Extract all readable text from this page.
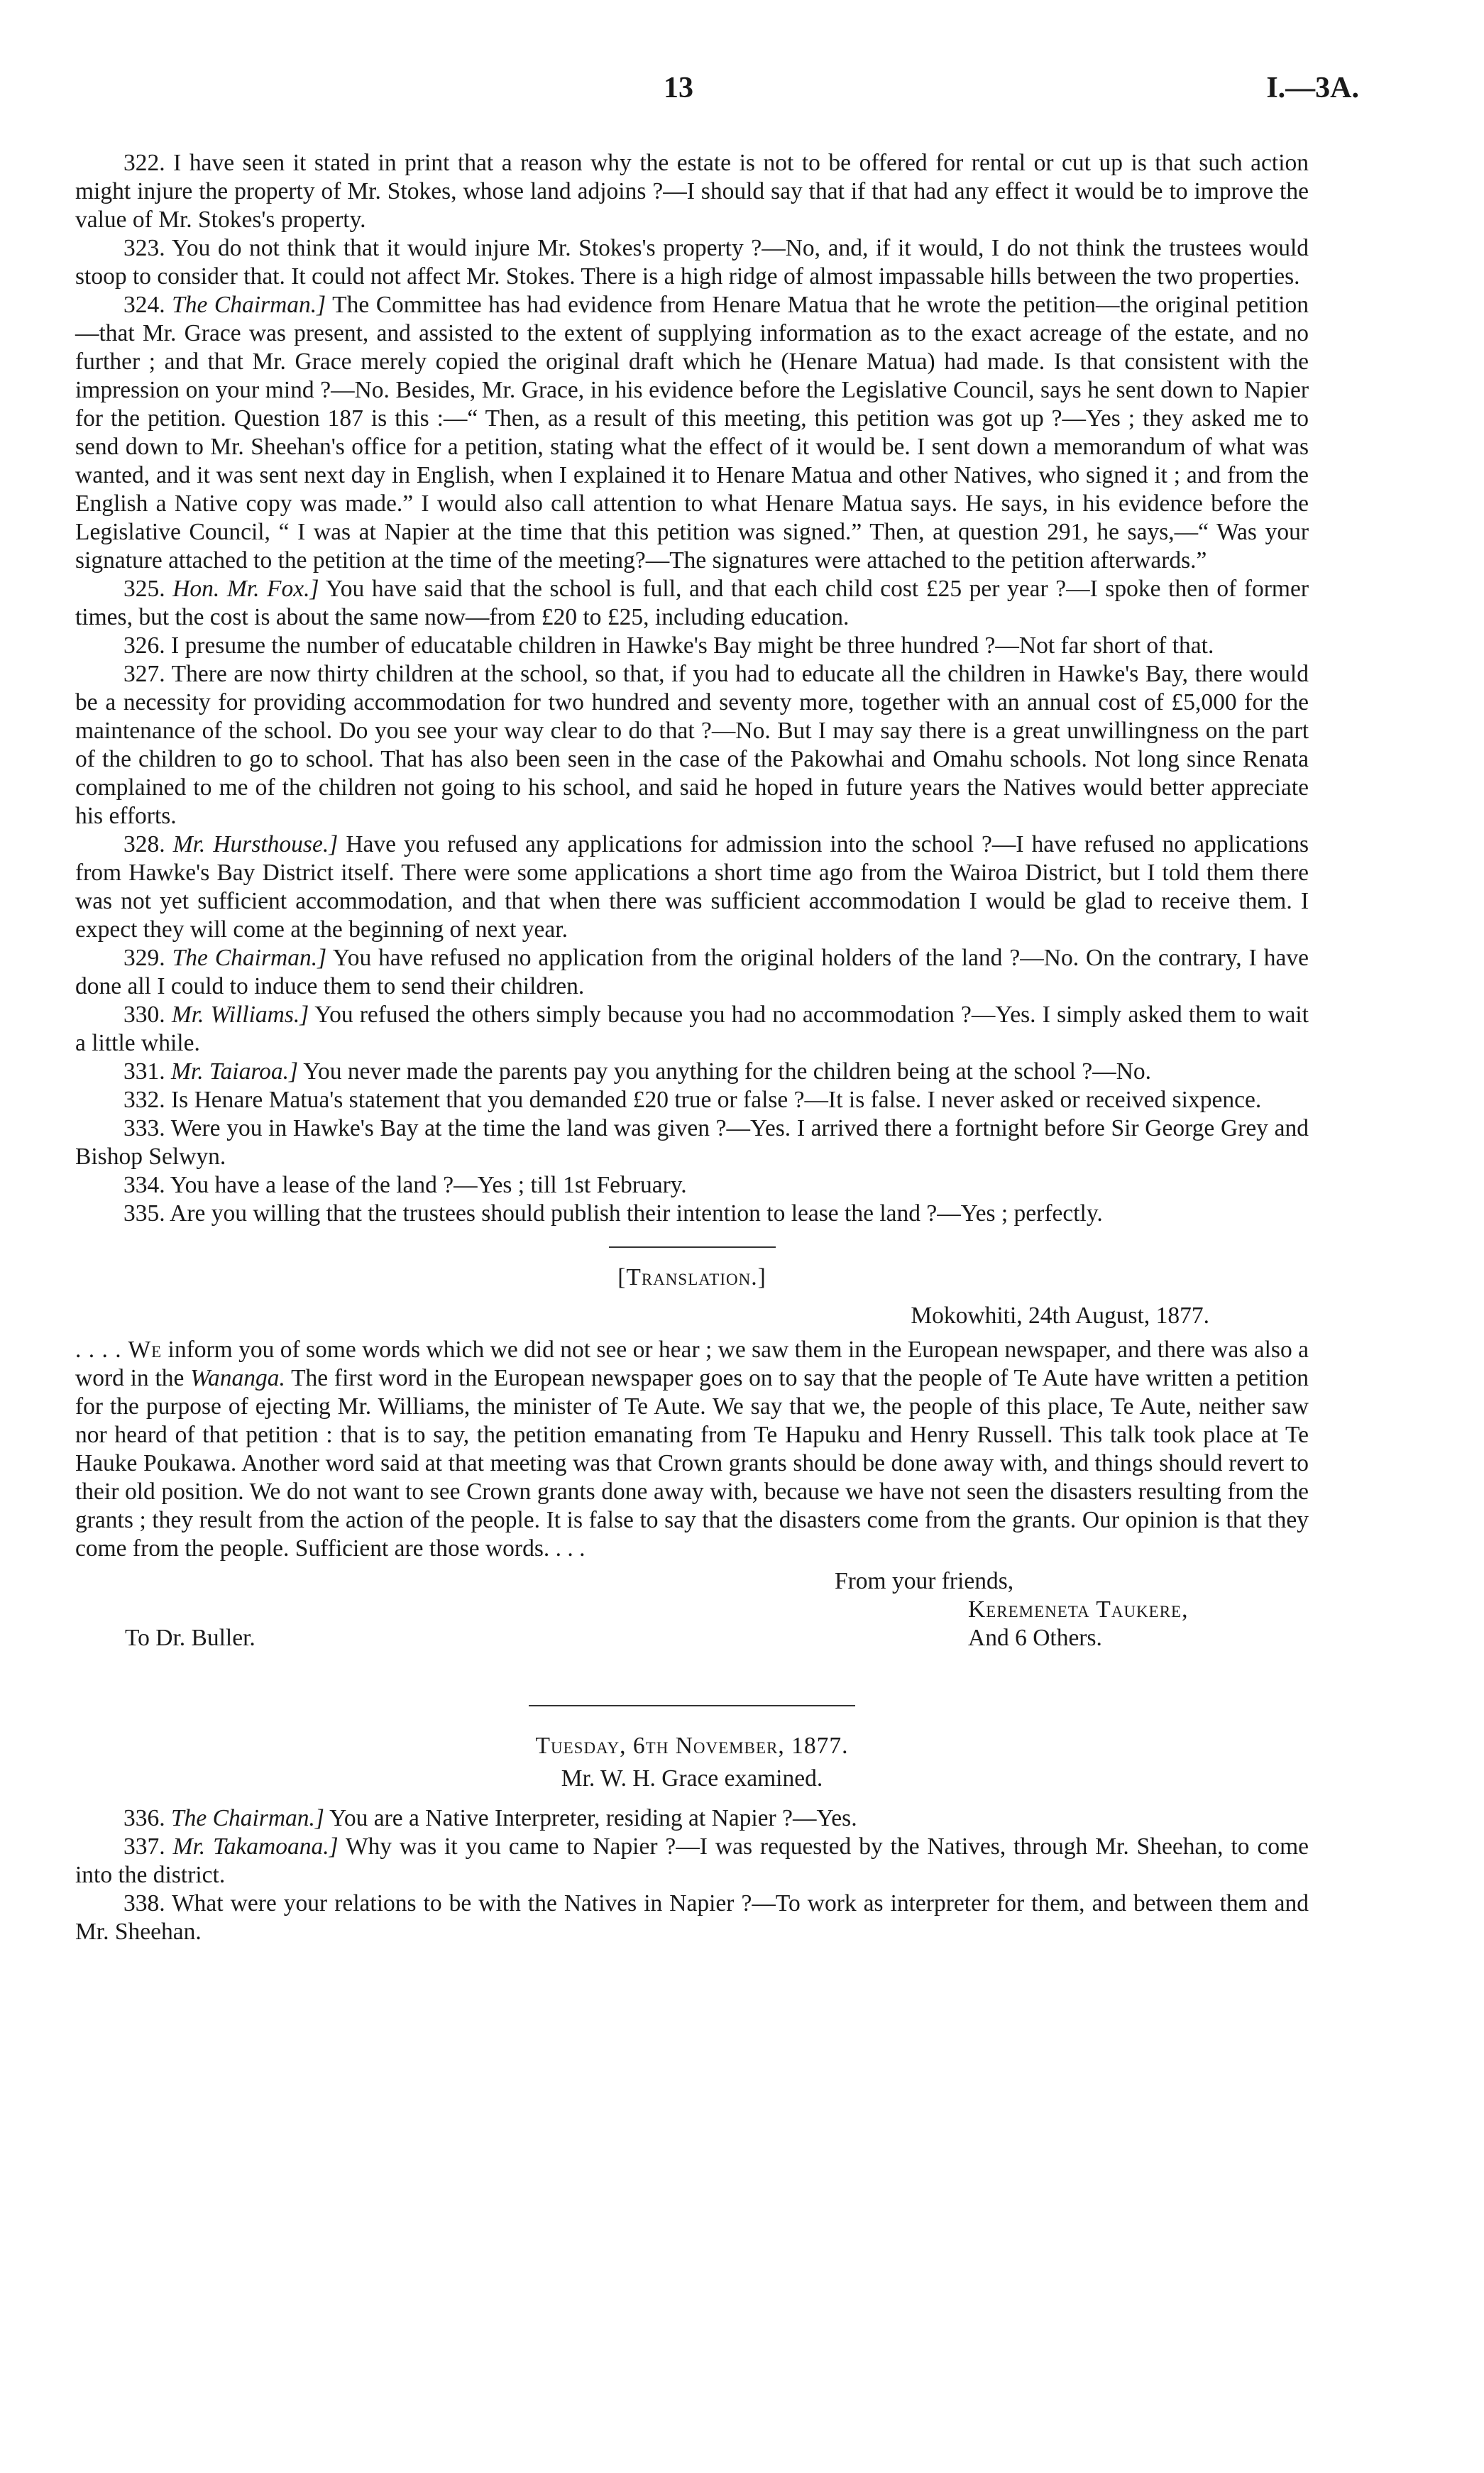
13	I.—3A.

322. I have seen it stated in print that a reason why the estate is not to be offered for rental or cut up is that such action might injure the property of Mr. Stokes, whose land adjoins ?—I should say that if that had any effect it would be to improve the value of Mr. Stokes's property.

323. You do not think that it would injure Mr. Stokes's property ?—No, and, if it would, I do not think the trustees would stoop to consider that. It could not affect Mr. Stokes. There is a high ridge of almost impassable hills between the two properties.

324. The Chairman.] The Committee has had evidence from Henare Matua that he wrote the petition—the original petition—that Mr. Grace was present, and assisted to the extent of supplying information as to the exact acreage of the estate, and no further ; and that Mr. Grace merely copied the original draft which he (Henare Matua) had made. Is that consistent with the impression on your mind ?—No. Besides, Mr. Grace, in his evidence before the Legislative Council, says he sent down to Napier for the petition. Question 187 is this :—“ Then, as a result of this meeting, this petition was got up ?—Yes ; they asked me to send down to Mr. Sheehan's office for a petition, stating what the effect of it would be. I sent down a memorandum of what was wanted, and it was sent next day in English, when I explained it to Henare Matua and other Natives, who signed it ; and from the English a Native copy was made.” I would also call attention to what Henare Matua says. He says, in his evidence before the Legislative Council, “ I was at Napier at the time that this petition was signed.” Then, at question 291, he says,—“ Was your signature attached to the petition at the time of the meeting?—The signatures were attached to the petition afterwards.”

325. Hon. Mr. Fox.] You have said that the school is full, and that each child cost £25 per year ?—I spoke then of former times, but the cost is about the same now—from £20 to £25, including education.

326. I presume the number of educatable children in Hawke's Bay might be three hundred ?—Not far short of that.

327. There are now thirty children at the school, so that, if you had to educate all the children in Hawke's Bay, there would be a necessity for providing accommodation for two hundred and seventy more, together with an annual cost of £5,000 for the maintenance of the school. Do you see your way clear to do that ?—No. But I may say there is a great unwillingness on the part of the children to go to school. That has also been seen in the case of the Pakowhai and Omahu schools. Not long since Renata complained to me of the children not going to his school, and said he hoped in future years the Natives would better appreciate his efforts.

328. Mr. Hursthouse.] Have you refused any applications for admission into the school ?—I have refused no applications from Hawke's Bay District itself. There were some applications a short time ago from the Wairoa District, but I told them there was not yet sufficient accommodation, and that when there was sufficient accommodation I would be glad to receive them. I expect they will come at the beginning of next year.

329. The Chairman.] You have refused no application from the original holders of the land ?—No. On the contrary, I have done all I could to induce them to send their children.

330. Mr. Williams.] You refused the others simply because you had no accommodation ?—Yes. I simply asked them to wait a little while.

331. Mr. Taiaroa.] You never made the parents pay you anything for the children being at the school ?—No.

332. Is Henare Matua's statement that you demanded £20 true or false ?—It is false. I never asked or received sixpence.

333. Were you in Hawke's Bay at the time the land was given ?—Yes. I arrived there a fortnight before Sir George Grey and Bishop Selwyn.

334. You have a lease of the land ?—Yes ; till 1st February.

335. Are you willing that the trustees should publish their intention to lease the land ?—Yes ; perfectly.

[Translation.]
Mokowhiti, 24th August, 1877.

. . . . We inform you of some words which we did not see or hear ; we saw them in the European newspaper, and there was also a word in the Wananga. The first word in the European newspaper goes on to say that the people of Te Aute have written a petition for the purpose of ejecting Mr. Williams, the minister of Te Aute. We say that we, the people of this place, Te Aute, neither saw nor heard of that petition : that is to say, the petition emanating from Te Hapuku and Henry Russell. This talk took place at Te Hauke Poukawa. Another word said at that meeting was that Crown grants should be done away with, and things should revert to their old position. We do not want to see Crown grants done away with, because we have not seen the disasters resulting from the grants ; they result from the action of the people. It is false to say that the disasters come from the grants. Our opinion is that they come from the people. Sufficient are those words. . . .

From your friends,
Keremeneta Taukere,
To Dr. Buller.	And 6 Others.
Tuesday, 6th November, 1877.
Mr. W. H. Grace examined.

336. The Chairman.] You are a Native Interpreter, residing at Napier ?—Yes.

337. Mr. Takamoana.] Why was it you came to Napier ?—I was requested by the Natives, through Mr. Sheehan, to come into the district.

338. What were your relations to be with the Natives in Napier ?—To work as interpreter for them, and between them and Mr. Sheehan.
